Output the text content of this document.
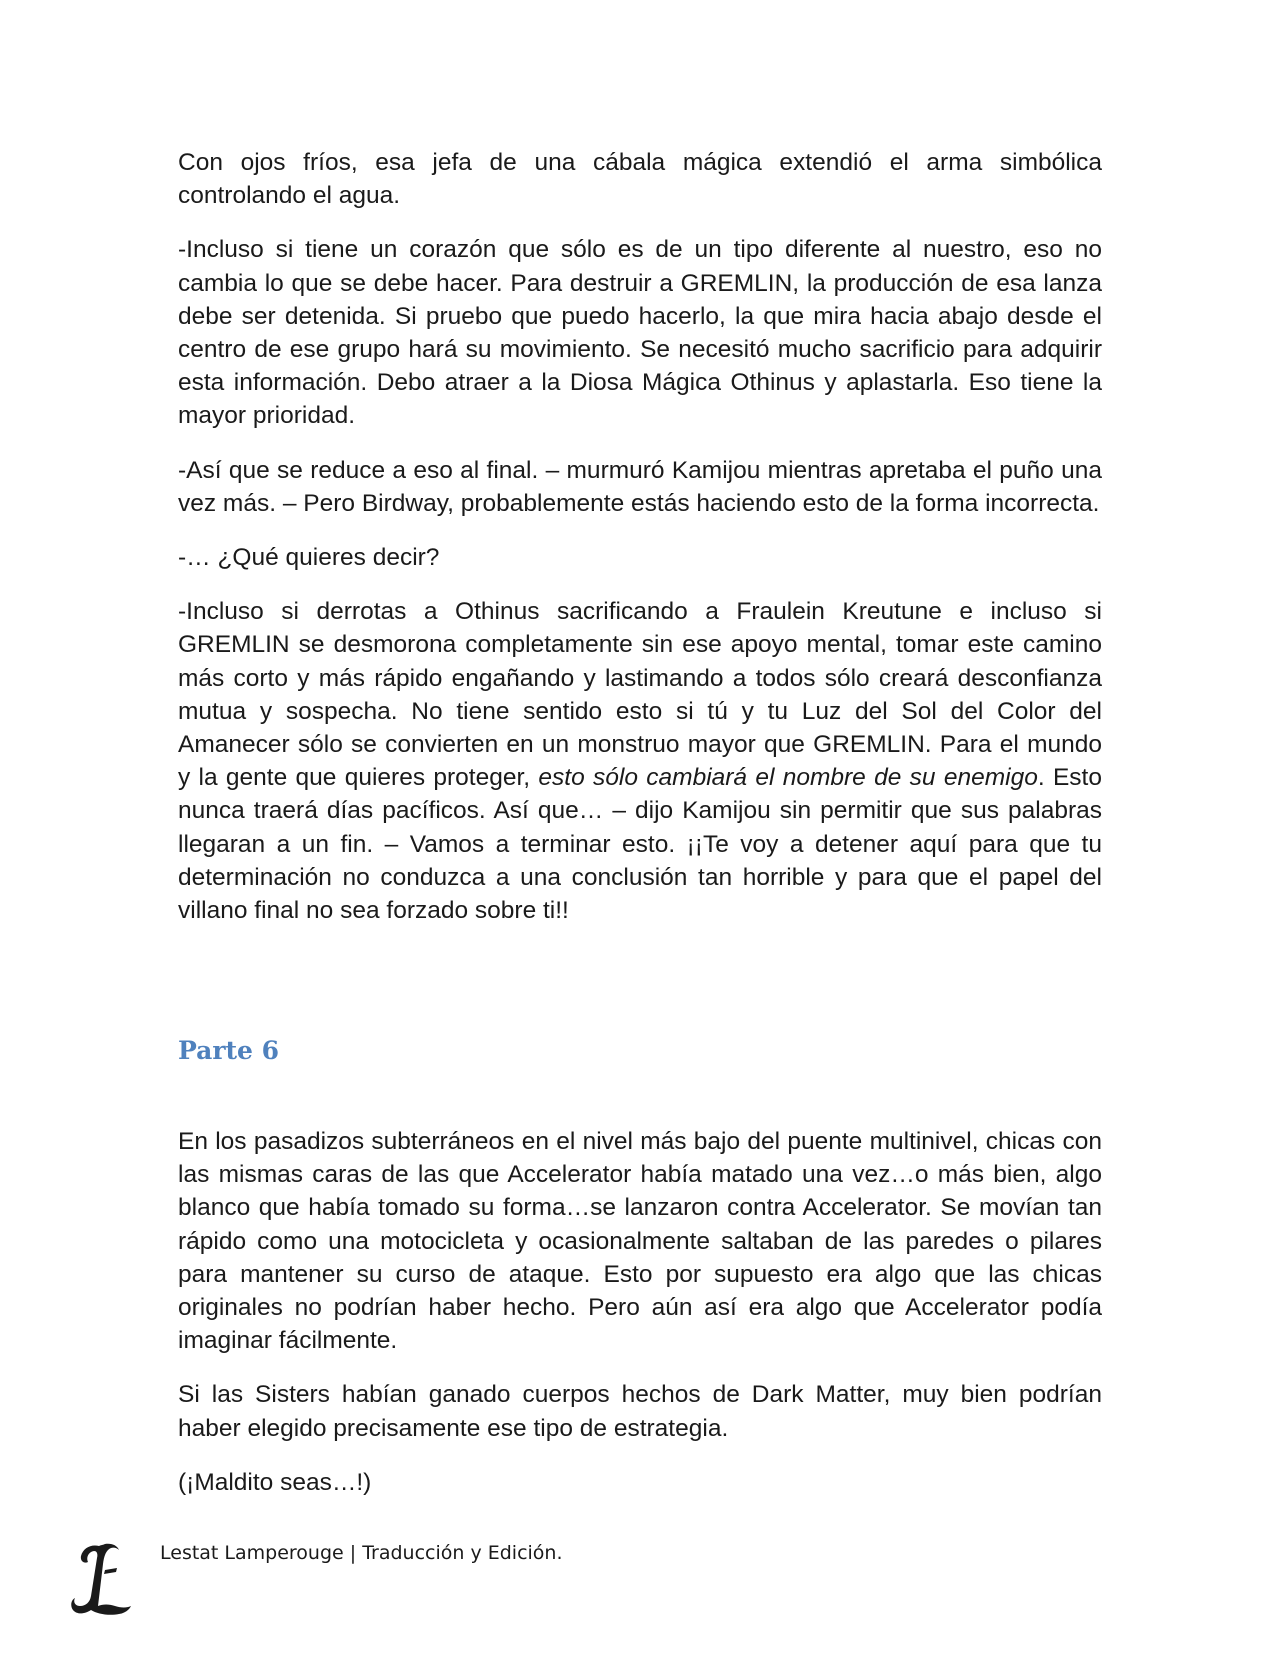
Con ojos fríos, esa jefa de una cábala mágica extendió el arma simbólica controlando el agua.

-Incluso si tiene un corazón que sólo es de un tipo diferente al nuestro, eso no cambia lo que se debe hacer. Para destruir a GREMLIN, la producción de esa lanza debe ser detenida. Si pruebo que puedo hacerlo, la que mira hacia abajo desde el centro de ese grupo hará su movimiento. Se necesitó mucho sacrificio para adquirir esta información. Debo atraer a la Diosa Mágica Othinus y aplastarla. Eso tiene la mayor prioridad.

-Así que se reduce a eso al final. – murmuró Kamijou mientras apretaba el puño una vez más. – Pero Birdway, probablemente estás haciendo esto de la forma incorrecta.

-… ¿Qué quieres decir?

-Incluso si derrotas a Othinus sacrificando a Fraulein Kreutune e incluso si GREMLIN se desmorona completamente sin ese apoyo mental, tomar este camino más corto y más rápido engañando y lastimando a todos sólo creará desconfianza mutua y sospecha. No tiene sentido esto si tú y tu Luz del Sol del Color del Amanecer sólo se convierten en un monstruo mayor que GREMLIN. Para el mundo y la gente que quieres proteger, esto sólo cambiará el nombre de su enemigo. Esto nunca traerá días pacíficos. Así que… – dijo Kamijou sin permitir que sus palabras llegaran a un fin. – Vamos a terminar esto. ¡¡Te voy a detener aquí para que tu determinación no conduzca a una conclusión tan horrible y para que el papel del villano final no sea forzado sobre ti!!

Parte 6

En los pasadizos subterráneos en el nivel más bajo del puente multinivel, chicas con las mismas caras de las que Accelerator había matado una vez…o más bien, algo blanco que había tomado su forma…se lanzaron contra Accelerator. Se movían tan rápido como una motocicleta y ocasionalmente saltaban de las paredes o pilares para mantener su curso de ataque. Esto por supuesto era algo que las chicas originales no podrían haber hecho. Pero aún así era algo que Accelerator podía imaginar fácilmente.

Si las Sisters habían ganado cuerpos hechos de Dark Matter, muy bien podrían haber elegido precisamente ese tipo de estrategia.

(¡Maldito seas…!)

Lestat Lamperouge | Traducción y Edición.
